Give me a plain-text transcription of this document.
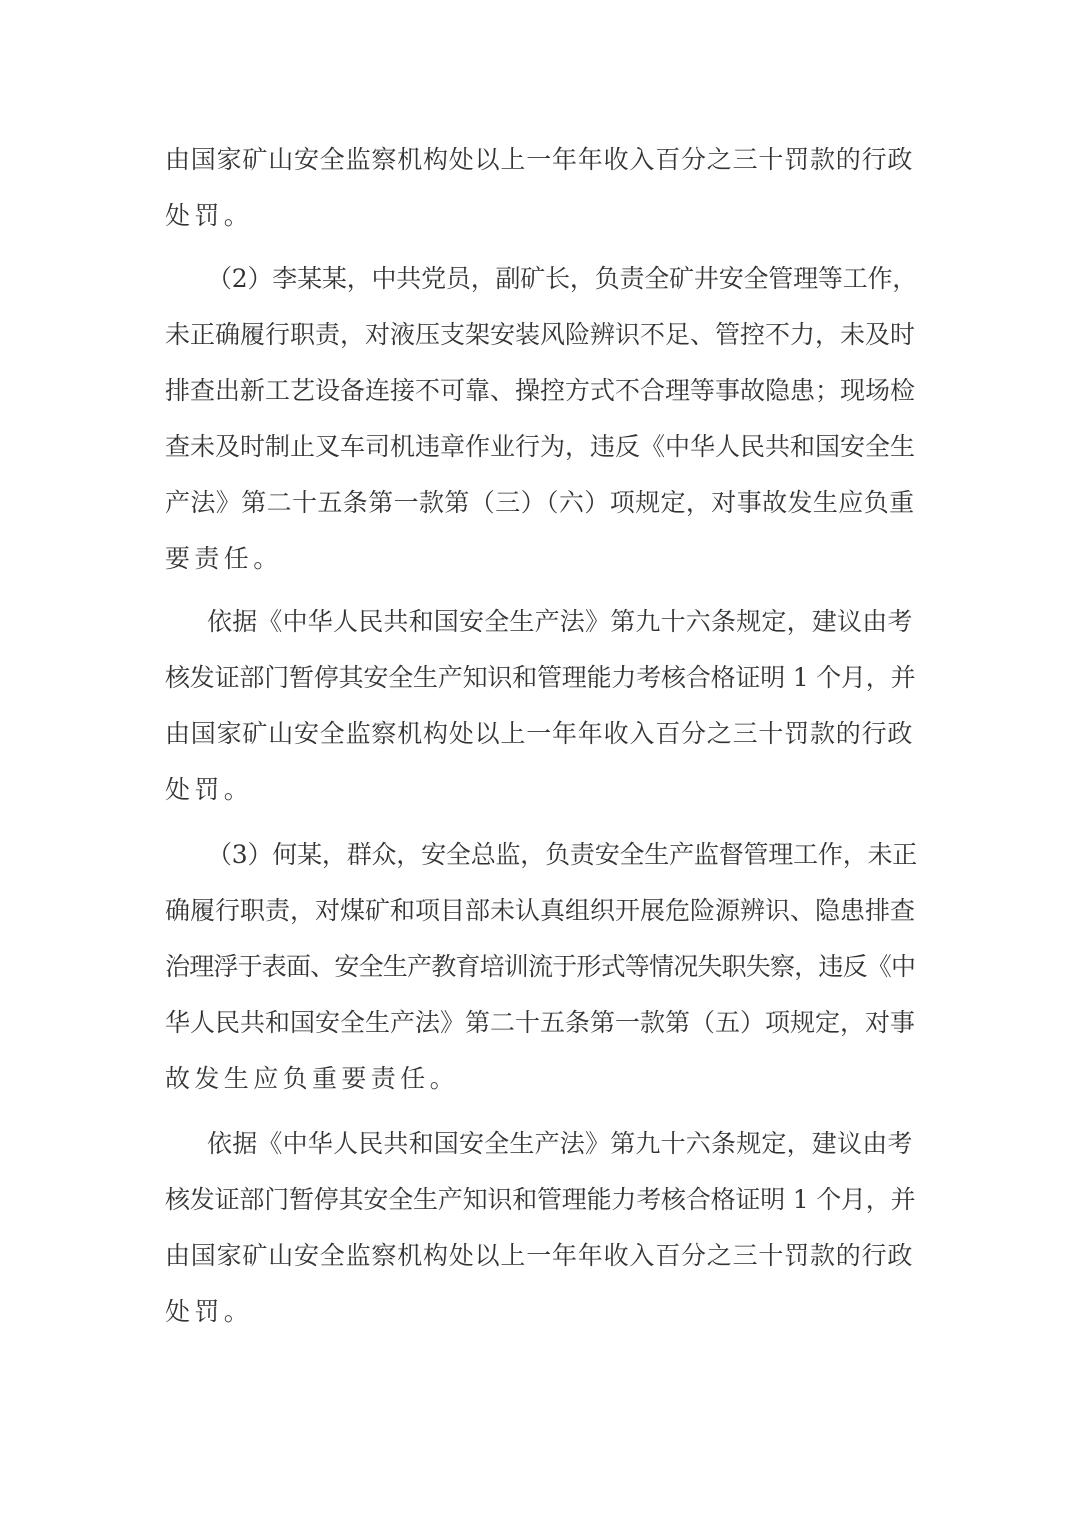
由国家矿山安全监察机构处以上一年年收入百分之三十罚款的行政
处罚。
（2）李某某，中共党员，副矿长，负责全矿井安全管理等工作，
未正确履行职责，对液压支架安装风险辨识不足、管控不力，未及时
排查出新工艺设备连接不可靠、操控方式不合理等事故隐患；现场检
查未及时制止叉车司机违章作业行为，违反《中华人民共和国安全生
产法》第二十五条第一款第（三）（六）项规定，对事故发生应负重
要责任。
依据《中华人民共和国安全生产法》第九十六条规定，建议由考
核发证部门暂停其安全生产知识和管理能力考核合格证明 1 个月，并
由国家矿山安全监察机构处以上一年年收入百分之三十罚款的行政
处罚。
（3）何某，群众，安全总监，负责安全生产监督管理工作，未正
确履行职责，对煤矿和项目部未认真组织开展危险源辨识、隐患排查
治理浮于表面、安全生产教育培训流于形式等情况失职失察，违反《中
华人民共和国安全生产法》第二十五条第一款第（五）项规定，对事
故发生应负重要责任。
依据《中华人民共和国安全生产法》第九十六条规定，建议由考
核发证部门暂停其安全生产知识和管理能力考核合格证明 1 个月，并
由国家矿山安全监察机构处以上一年年收入百分之三十罚款的行政
处罚。
